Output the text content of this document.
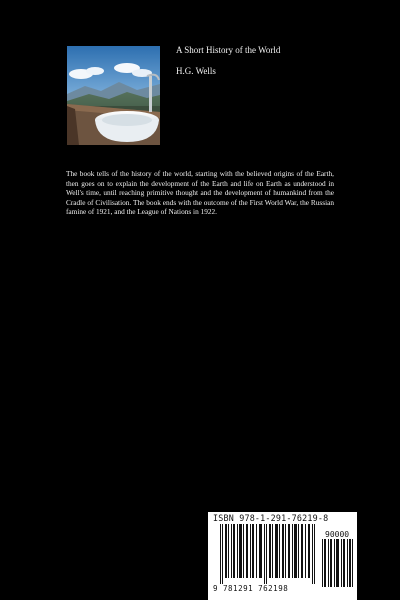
A Short History of the World
H.G. Wells
The book tells of the history of the world, starting with the believed origins of the Earth, then goes on to explain the development of the Earth and life on Earth as understood in Well's time, until reaching primitive thought and the development of humankind from the Cradle of Civilisation. The book ends with the outcome of the First World War, the Russian famine of 1921, and the League of Nations in 1922.
ISBN 978-1-291-76219-8
90000
9 781291 762198
